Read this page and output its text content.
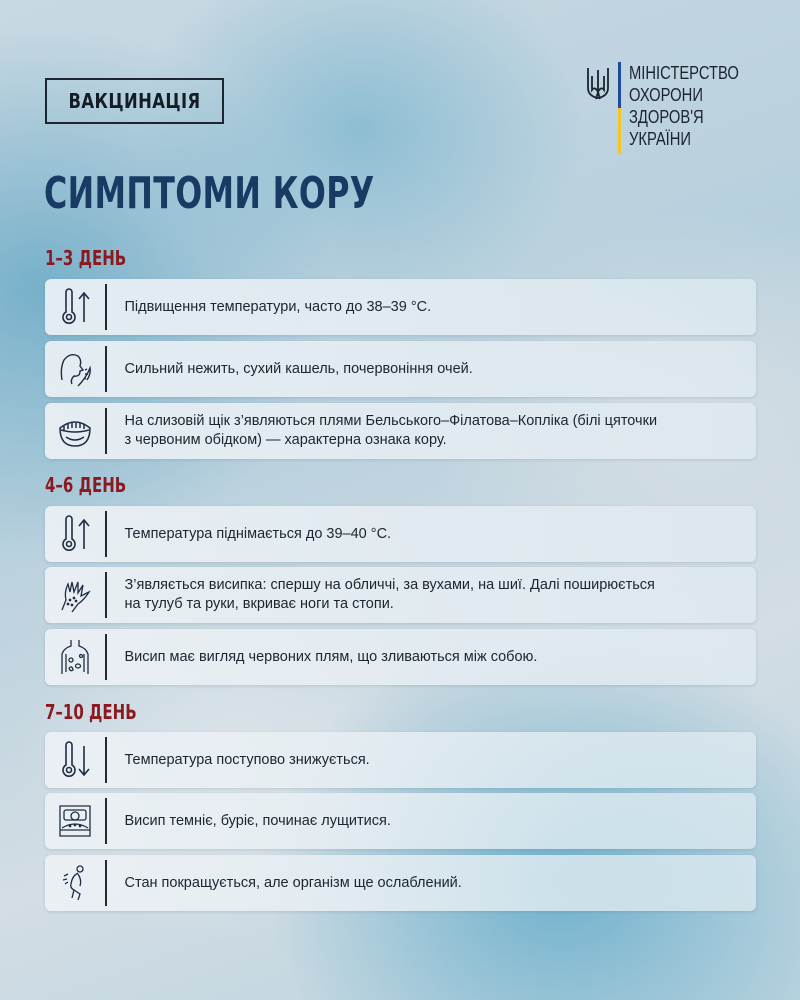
ВАКЦИНАЦІЯ
МІНІСТЕРСТВО
ОХОРОНИ
ЗДОРОВ'Я
УКРАЇНИ
СИМПТОМИ КОРУ
1–3 ДЕНЬ
Підвищення температури, часто до 38–39 °C.
Сильний нежить, сухий кашель, почервоніння очей.
На слизовій щік з’являються плями Бельського–Філатова–Копліка (білі цяточки
з червоним обідком) — характерна ознака кору.
4–6 ДЕНЬ
Температура піднімається до 39–40 °C.
З’являється висипка: спершу на обличчі, за вухами, на шиї. Далі поширюється
на тулуб та руки, вкриває ноги та стопи.
Висип має вигляд червоних плям, що зливаються між собою.
7–10 ДЕНЬ
Температура поступово знижується.
Висип темніє, буріє, починає лущитися.
Стан покращується, але організм ще ослаблений.
